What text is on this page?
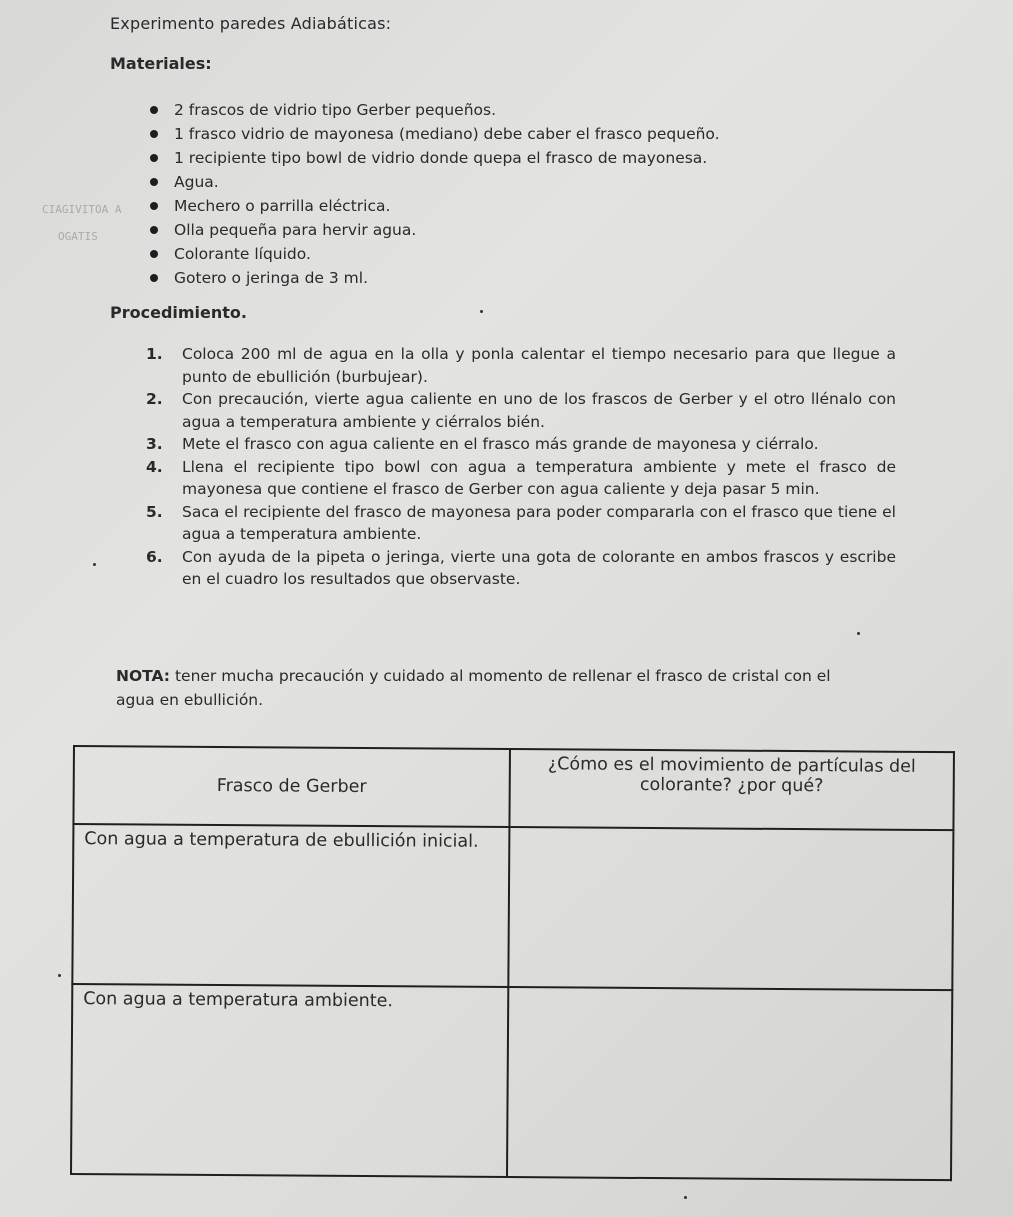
Experimento paredes Adiabáticas:
Materiales:
CIAGIVITOA A
OGATIS
2 frascos de vidrio tipo Gerber pequeños.
1 frasco vidrio de mayonesa (mediano) debe caber el frasco pequeño.
1 recipiente tipo bowl de vidrio donde quepa el frasco de mayonesa.
Agua.
Mechero o parrilla eléctrica.
Olla pequeña para hervir agua.
Colorante líquido.
Gotero o jeringa de 3 ml.
Procedimiento.
1. Coloca 200 ml de agua en la olla y ponla calentar el tiempo necesario para que llegue a punto de ebullición (burbujear).
2. Con precaución, vierte agua caliente en uno de los frascos de Gerber y el otro llénalo con agua a temperatura ambiente y ciérralos bién.
3. Mete el frasco con agua caliente en el frasco más grande de mayonesa y ciérralo.
4. Llena el recipiente tipo bowl con agua a temperatura ambiente y mete el frasco de mayonesa que contiene el frasco de Gerber con agua caliente y deja pasar 5 min.
5. Saca el recipiente del frasco de mayonesa para poder compararla con el frasco que tiene el agua a temperatura ambiente.
6. Con ayuda de la pipeta o jeringa, vierte una gota de colorante en ambos frascos y escribe en el cuadro los resultados que observaste.
NOTA: tener mucha precaución y cuidado al momento de rellenar el frasco de cristal con el agua en ebullición.
Frasco de Gerber	¿Cómo es el movimiento de partículas del colorante? ¿por qué?
Con agua a temperatura de ebullición inicial.	
Con agua a temperatura ambiente.	
